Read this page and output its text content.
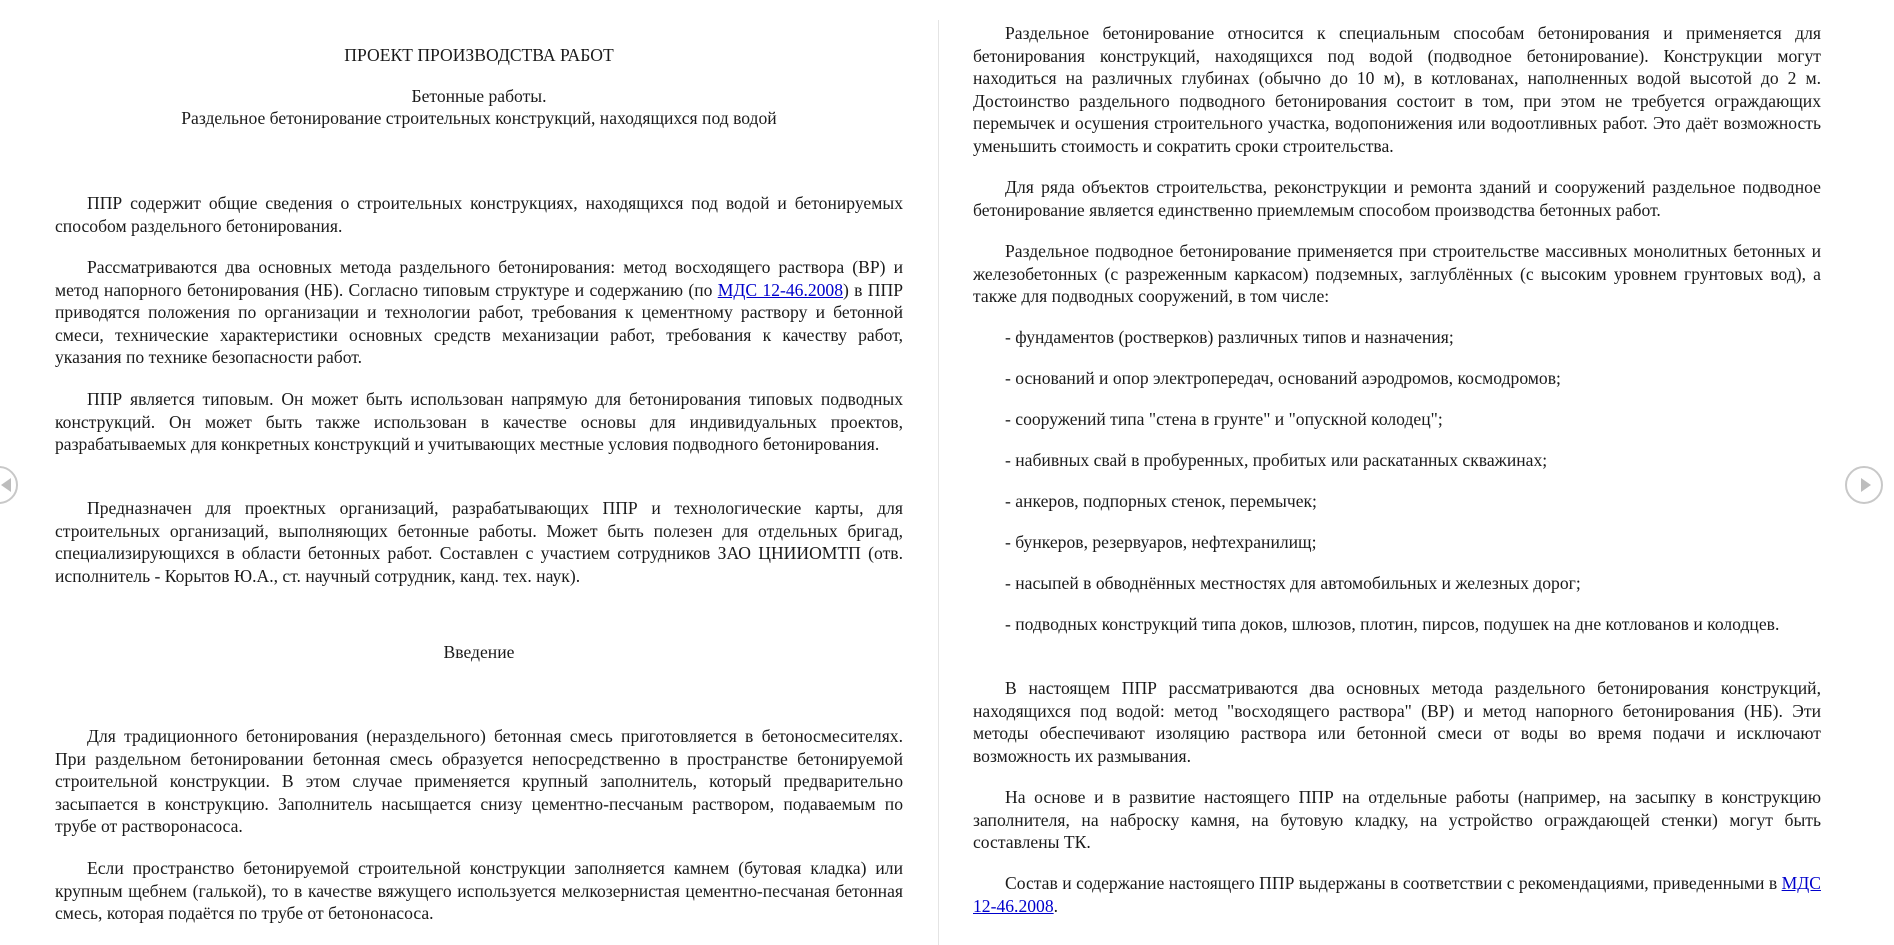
ПРОЕКТ ПРОИЗВОДСТВА РАБОТ

Бетонные работы.

Раздельное бетонирование строительных конструкций, находящихся под водой

ППР содержит общие сведения о строительных конструкциях, находящихся под водой и бетонируемых способом раздельного бетонирования.

Рассматриваются два основных метода раздельного бетонирования: метод восходящего раствора (ВР) и метод напорного бетонирования (НБ). Согласно типовым структуре и содержанию (по МДС 12-46.2008) в ППР приводятся положения по организации и технологии работ, требования к цементному раствору и бетонной смеси, технические характеристики основных средств механизации работ, требования к качеству работ, указания по технике безопасности работ.

ППР является типовым. Он может быть использован напрямую для бетонирования типовых подводных конструкций. Он может быть также использован в качестве основы для индивидуальных проектов, разрабатываемых для конкретных конструкций и учитывающих местные условия подводного бетонирования.

Предназначен для проектных организаций, разрабатывающих ППР и технологические карты, для строительных организаций, выполняющих бетонные работы. Может быть полезен для отдельных бригад, специализирующихся в области бетонных работ. Составлен с участием сотрудников ЗАО ЦНИИОМТП (отв. исполнитель - Корытов Ю.А., ст. научный сотрудник, канд. тех. наук).

Введение

Для традиционного бетонирования (нераздельного) бетонная смесь приготовляется в бетоносмесителях. При раздельном бетонировании бетонная смесь образуется непосредственно в пространстве бетонируемой строительной конструкции. В этом случае применяется крупный заполнитель, который предварительно засыпается в конструкцию. Заполнитель насыщается снизу цементно-песчаным раствором, подаваемым по трубе от растворонасоса.

Если пространство бетонируемой строительной конструкции заполняется камнем (бутовая кладка) или крупным щебнем (галькой), то в качестве вяжущего используется мелкозернистая цементно-песчаная бетонная смесь, которая подаётся по трубе от бетононасоса.

Раздельное бетонирование относится к специальным способам бетонирования и применяется для бетонирования конструкций, находящихся под водой (подводное бетонирование). Конструкции могут находиться на различных глубинах (обычно до 10 м), в котлованах, наполненных водой высотой до 2 м. Достоинство раздельного подводного бетонирования состоит в том, при этом не требуется ограждающих перемычек и осушения строительного участка, водопонижения или водоотливных работ. Это даёт возможность уменьшить стоимость и сократить сроки строительства.

Для ряда объектов строительства, реконструкции и ремонта зданий и сооружений раздельное подводное бетонирование является единственно приемлемым способом производства бетонных работ.

Раздельное подводное бетонирование применяется при строительстве массивных монолитных бетонных и железобетонных (с разреженным каркасом) подземных, заглублённых (с высоким уровнем грунтовых вод), а также для подводных сооружений, в том числе:

- фундаментов (ростверков) различных типов и назначения;

- оснований и опор электропередач, оснований аэродромов, космодромов;

- сооружений типа "стена в грунте" и "опускной колодец";

- набивных свай в пробуренных, пробитых или раскатанных скважинах;

- анкеров, подпорных стенок, перемычек;

- бункеров, резервуаров, нефтехранилищ;

- насыпей в обводнённых местностях для автомобильных и железных дорог;

- подводных конструкций типа доков, шлюзов, плотин, пирсов, подушек на дне котлованов и колодцев.

В настоящем ППР рассматриваются два основных метода раздельного бетонирования конструкций, находящихся под водой: метод "восходящего раствора" (ВР) и метод напорного бетонирования (НБ). Эти методы обеспечивают изоляцию раствора или бетонной смеси от воды во время подачи и исключают возможность их размывания.

На основе и в развитие настоящего ППР на отдельные работы (например, на засыпку в конструкцию заполнителя, на наброску камня, на бутовую кладку, на устройство ограждающей стенки) могут быть составлены ТК.

Состав и содержание настоящего ППР выдержаны в соответствии с рекомендациями, приведенными в МДС 12-46.2008.
